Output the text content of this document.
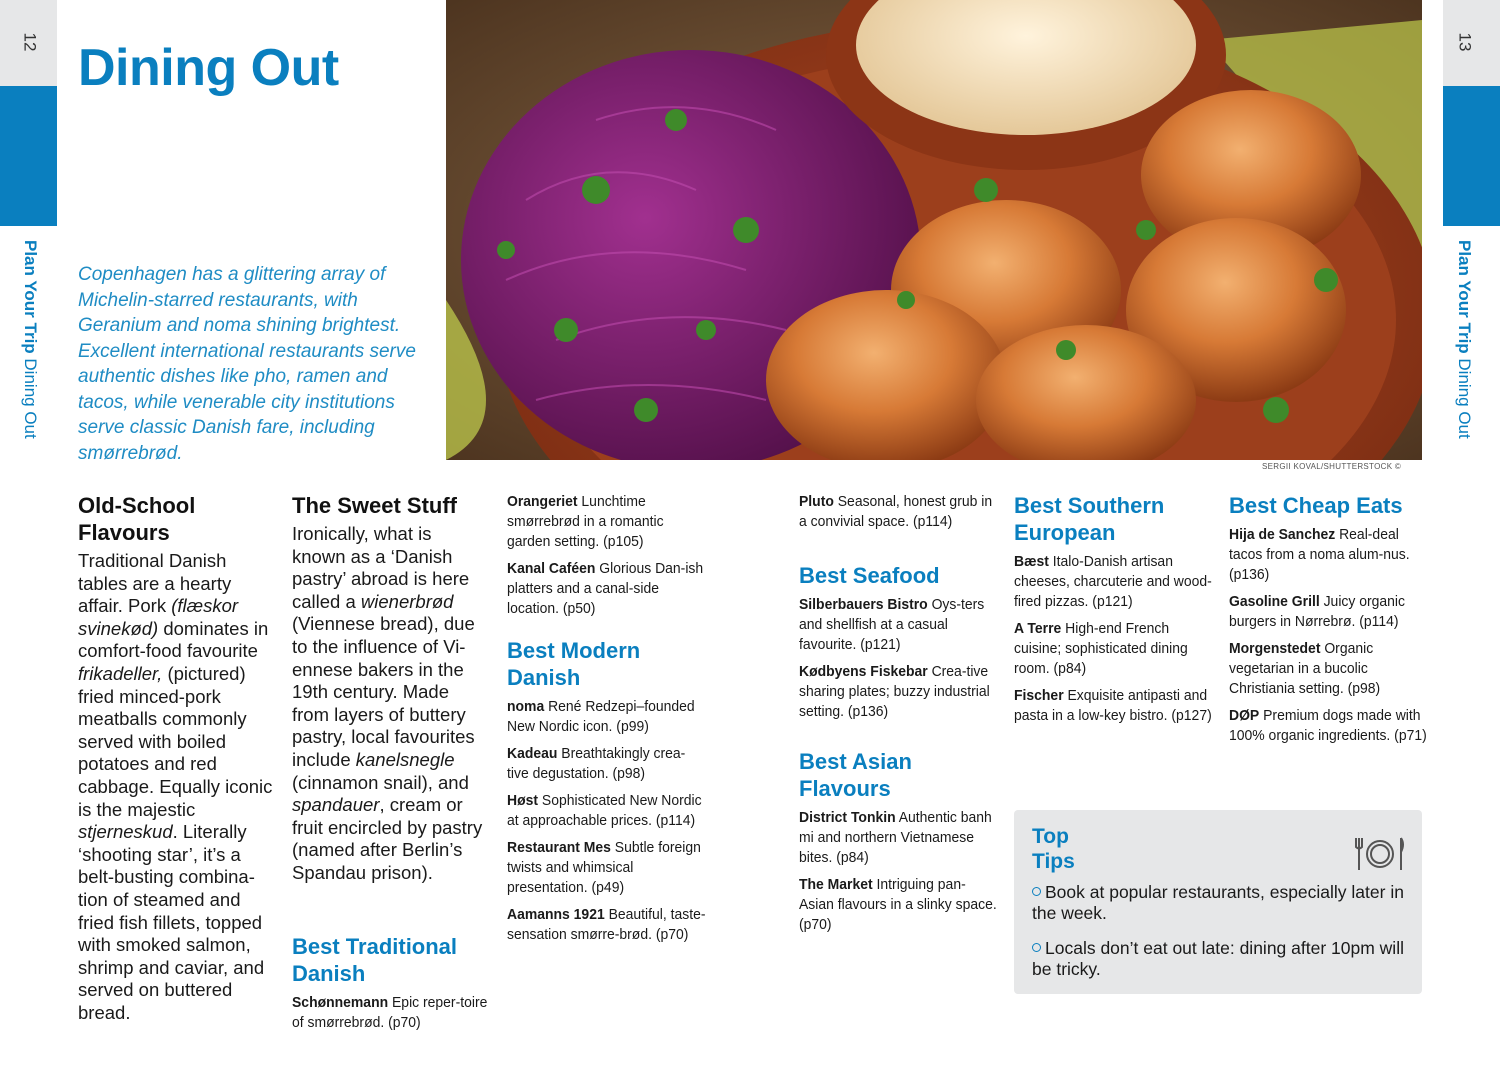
12
Plan Your Trip Dining Out
13
Plan Your Trip Dining Out
Dining Out
Copenhagen has a glittering array of Michelin-starred restaurants, with Geranium and noma shining brightest. Excellent international restaurants serve authentic dishes like pho, ramen and tacos, while venerable city institutions serve classic Danish fare, including smørrebrød.
SERGII KOVAL/SHUTTERSTOCK ©
Old-School Flavours
Traditional Danish tables are a hearty affair. Pork (flæskor svinekød) dominates in comfort-food favourite frikadeller, (pictured) fried minced-pork meatballs commonly served with boiled potatoes and red cabbage. Equally iconic is the majestic stjerneskud. Literally ‘shooting star’, it’s a belt-busting combina-tion of steamed and fried fish fillets, topped with smoked salmon, shrimp and caviar, and served on buttered bread.
The Sweet Stuff
Ironically, what is known as a ‘Danish pastry’ abroad is here called a wienerbrød (Viennese bread), due to the influence of Vi-ennese bakers in the 19th century. Made from layers of buttery pastry, local favourites include kanelsnegle (cinnamon snail), and spandauer, cream or fruit encircled by pastry (named after Berlin’s Spandau prison).
Best Traditional Danish
Schønnemann Epic reper-toire of smørrebrød. (p70)
Orangeriet Lunchtime smørrebrød in a romantic garden setting. (p105)
Kanal Caféen Glorious Dan-ish platters and a canal-side location. (p50)
Best Modern Danish
noma René Redzepi–founded New Nordic icon. (p99)
Kadeau Breathtakingly crea-tive degustation. (p98)
Høst Sophisticated New Nordic at approachable prices. (p114)
Restaurant Mes Subtle foreign twists and whimsical presentation. (p49)
Aamanns 1921 Beautiful, taste-sensation smørre-brød. (p70)
Pluto Seasonal, honest grub in a convivial space. (p114)
Best Seafood
Silberbauers Bistro Oys-ters and shellfish at a casual favourite. (p121)
Kødbyens Fiskebar Crea-tive sharing plates; buzzy industrial setting. (p136)
Best Asian Flavours
District Tonkin Authentic banh mi and northern Vietnamese bites. (p84)
The Market Intriguing pan-Asian flavours in a slinky space. (p70)
Best Southern European
Bæst Italo-Danish artisan cheeses, charcuterie and wood-fired pizzas. (p121)
A Terre High-end French cuisine; sophisticated dining room. (p84)
Fischer Exquisite antipasti and pasta in a low-key bistro. (p127)
Best Cheap Eats
Hija de Sanchez Real-deal tacos from a noma alum-nus. (p136)
Gasoline Grill Juicy organic burgers in Nørrebrø. (p114)
Morgenstedet Organic vegetarian in a bucolic Christiania setting. (p98)
DØP Premium dogs made with 100% organic ingredients. (p71)
Top Tips
Book at popular restaurants, especially later in the week.
Locals don’t eat out late: dining after 10pm will be tricky.
